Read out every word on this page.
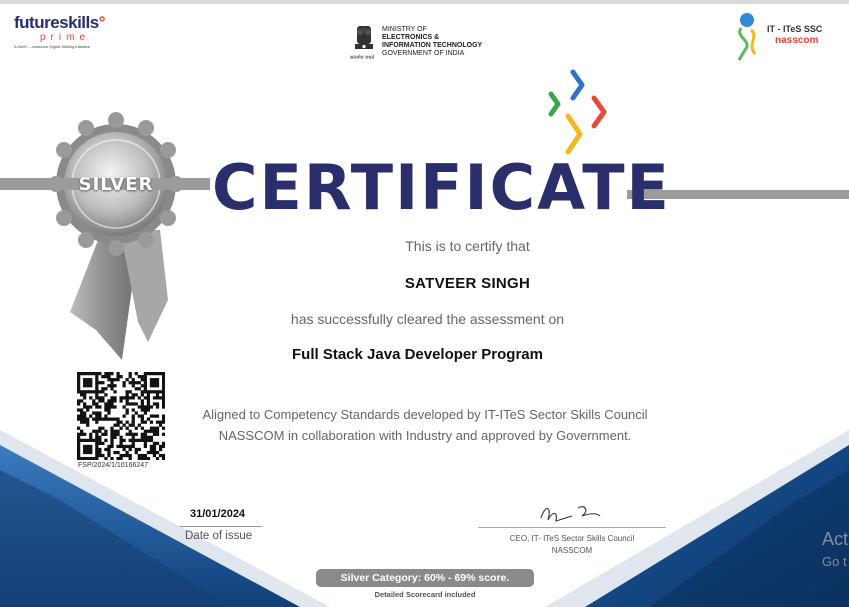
SILVER
futureskills°
prime
A MeitY – nasscom Digital Skilling Initiative
सत्यमेव जयते
MINISTRY OF
ELECTRONICS &
INFORMATION TECHNOLOGY
GOVERNMENT OF INDIA
IT - ITeS SSC
nasscom
CERTIFICATE
This is to certify that
SATVEER SINGH
has successfully cleared the assessment on
Full Stack Java Developer Program
Aligned to Competency Standards developed by IT-ITeS Sector Skills Council
NASSCOM in collaboration with Industry and approved by Government.
FSP/2024/1/10166247
31/01/2024
Date of issue	CEO, IT- ITeS Sector Skills Council
NASSCOM
Silver Category: 60% - 69% score.
Detailed Scorecard included
Act
Go t
